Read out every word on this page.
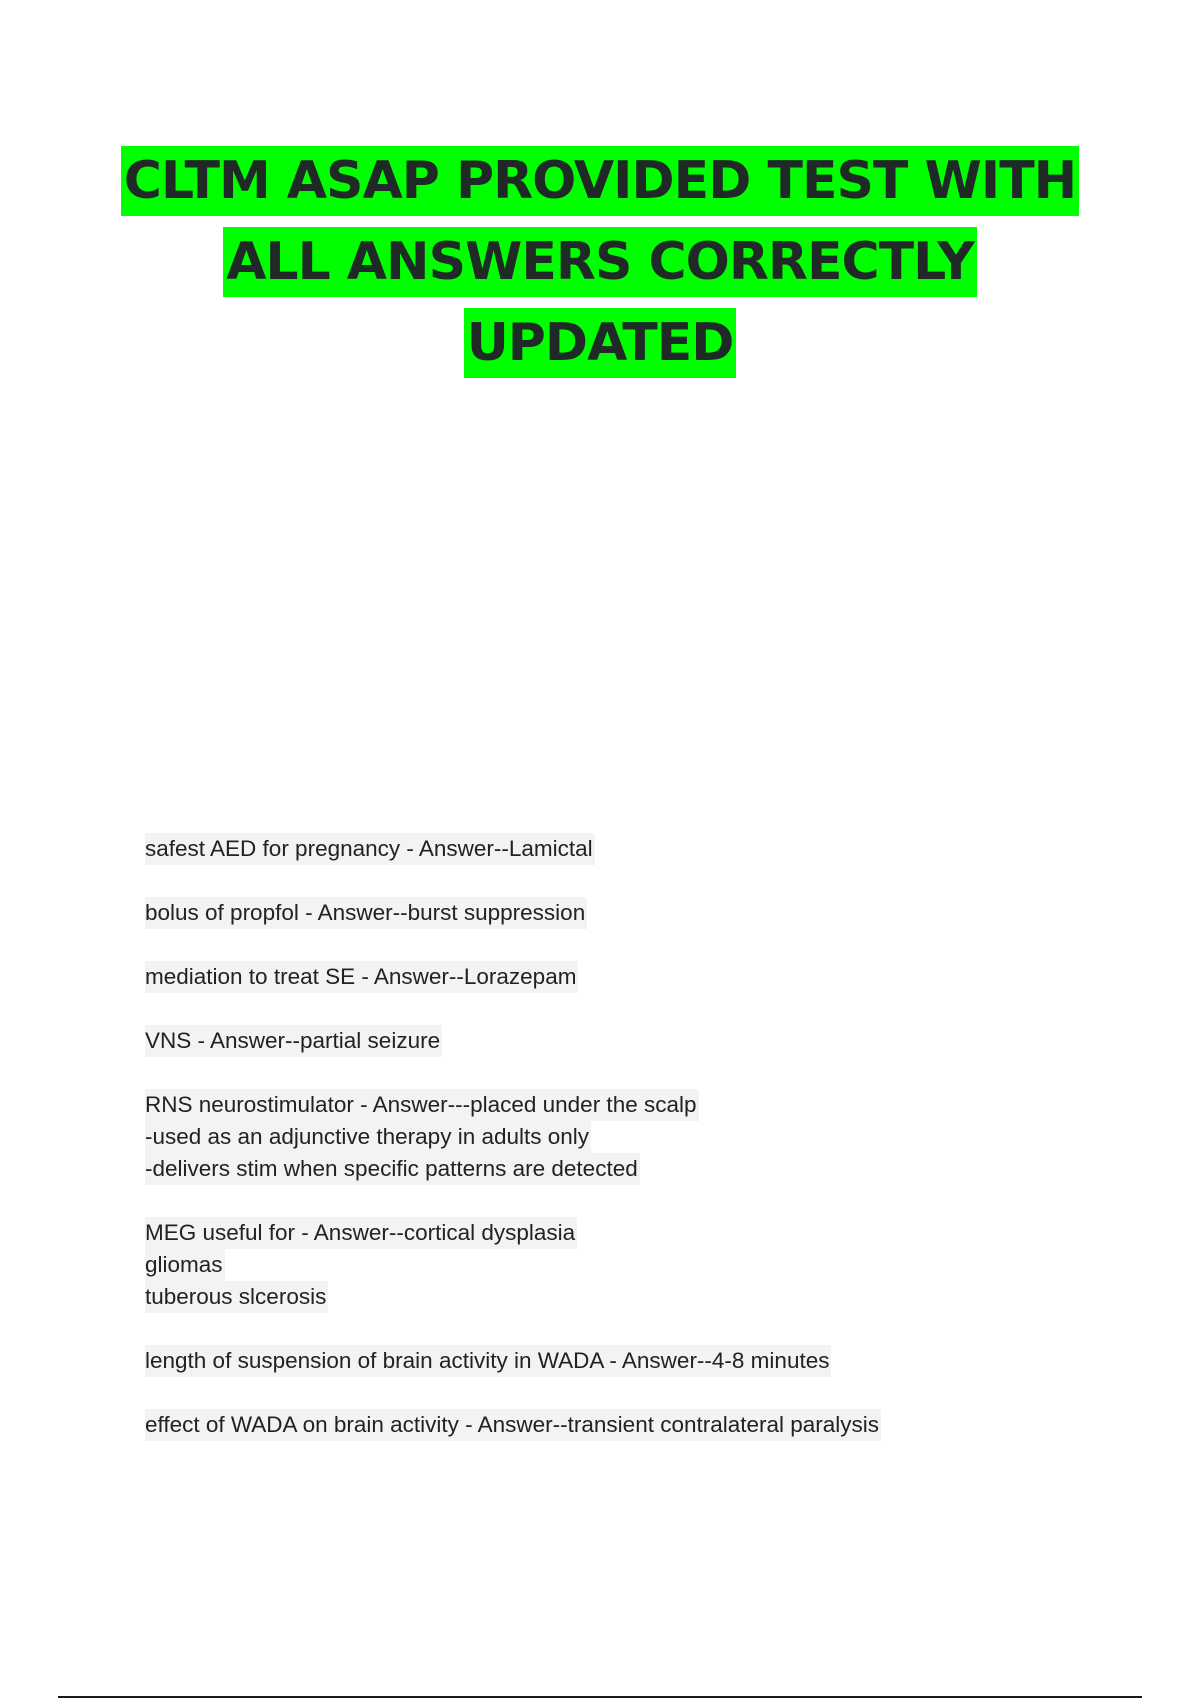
CLTM ASAP PROVIDED TEST WITH
ALL ANSWERS CORRECTLY
UPDATED
safest AED for pregnancy - Answer--Lamictal
bolus of propfol - Answer--burst suppression
mediation to treat SE - Answer--Lorazepam
VNS - Answer--partial seizure
RNS neurostimulator - Answer---placed under the scalp
-used as an adjunctive therapy in adults only
-delivers stim when specific patterns are detected
MEG useful for - Answer--cortical dysplasia
gliomas
tuberous slcerosis
length of suspension of brain activity in WADA - Answer--4-8 minutes
effect of WADA on brain activity - Answer--transient contralateral paralysis
